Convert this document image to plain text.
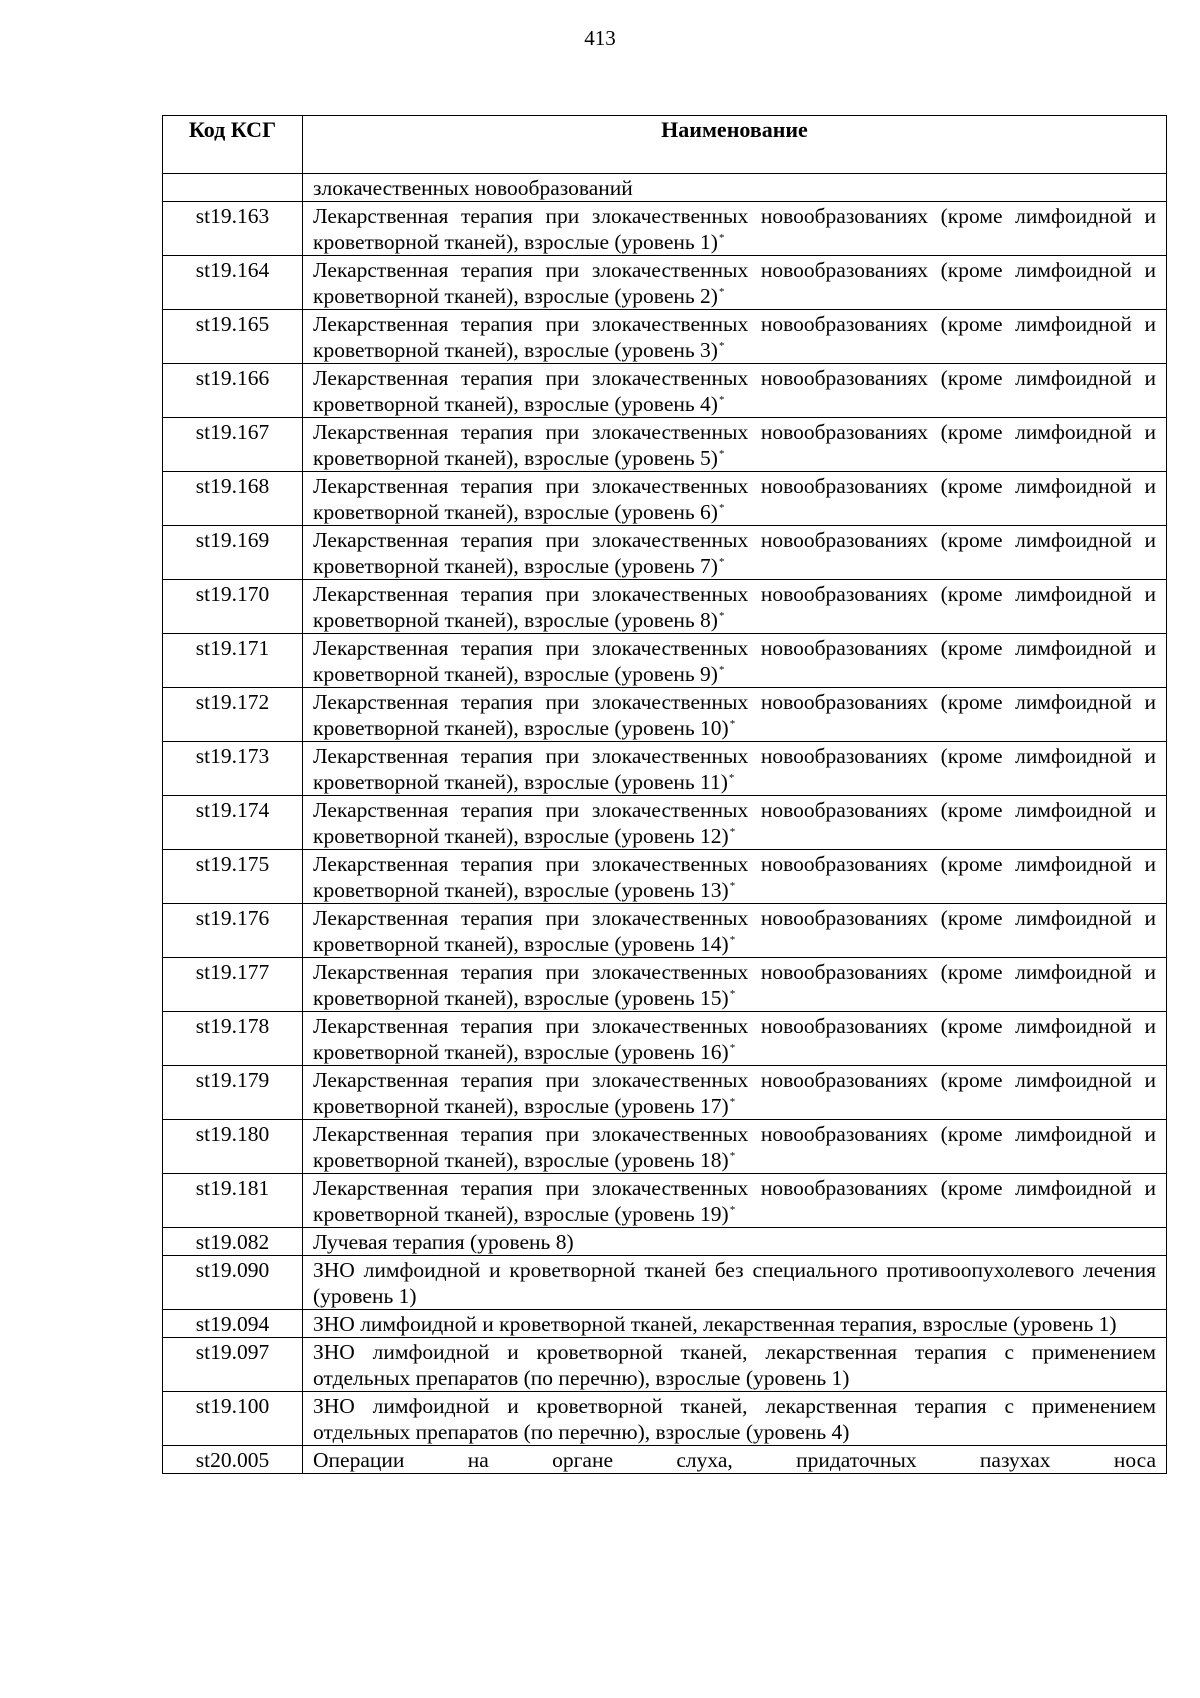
413
Код КСГ	Наименование
	злокачественных новообразований
st19.163	Лекарственная терапия при злокачественных новообразованиях (кроме лимфоидной и кроветворной тканей), взрослые (уровень 1)*
st19.164	Лекарственная терапия при злокачественных новообразованиях (кроме лимфоидной и кроветворной тканей), взрослые (уровень 2)*
st19.165	Лекарственная терапия при злокачественных новообразованиях (кроме лимфоидной и кроветворной тканей), взрослые (уровень 3)*
st19.166	Лекарственная терапия при злокачественных новообразованиях (кроме лимфоидной и кроветворной тканей), взрослые (уровень 4)*
st19.167	Лекарственная терапия при злокачественных новообразованиях (кроме лимфоидной и кроветворной тканей), взрослые (уровень 5)*
st19.168	Лекарственная терапия при злокачественных новообразованиях (кроме лимфоидной и кроветворной тканей), взрослые (уровень 6)*
st19.169	Лекарственная терапия при злокачественных новообразованиях (кроме лимфоидной и кроветворной тканей), взрослые (уровень 7)*
st19.170	Лекарственная терапия при злокачественных новообразованиях (кроме лимфоидной и кроветворной тканей), взрослые (уровень 8)*
st19.171	Лекарственная терапия при злокачественных новообразованиях (кроме лимфоидной и кроветворной тканей), взрослые (уровень 9)*
st19.172	Лекарственная терапия при злокачественных новообразованиях (кроме лимфоидной и кроветворной тканей), взрослые (уровень 10)*
st19.173	Лекарственная терапия при злокачественных новообразованиях (кроме лимфоидной и кроветворной тканей), взрослые (уровень 11)*
st19.174	Лекарственная терапия при злокачественных новообразованиях (кроме лимфоидной и кроветворной тканей), взрослые (уровень 12)*
st19.175	Лекарственная терапия при злокачественных новообразованиях (кроме лимфоидной и кроветворной тканей), взрослые (уровень 13)*
st19.176	Лекарственная терапия при злокачественных новообразованиях (кроме лимфоидной и кроветворной тканей), взрослые (уровень 14)*
st19.177	Лекарственная терапия при злокачественных новообразованиях (кроме лимфоидной и кроветворной тканей), взрослые (уровень 15)*
st19.178	Лекарственная терапия при злокачественных новообразованиях (кроме лимфоидной и кроветворной тканей), взрослые (уровень 16)*
st19.179	Лекарственная терапия при злокачественных новообразованиях (кроме лимфоидной и кроветворной тканей), взрослые (уровень 17)*
st19.180	Лекарственная терапия при злокачественных новообразованиях (кроме лимфоидной и кроветворной тканей), взрослые (уровень 18)*
st19.181	Лекарственная терапия при злокачественных новообразованиях (кроме лимфоидной и кроветворной тканей), взрослые (уровень 19)*
st19.082	Лучевая терапия (уровень 8)
st19.090	ЗНО лимфоидной и кроветворной тканей без специального противоопухолевого лечения (уровень 1)
st19.094	ЗНО лимфоидной и кроветворной тканей, лекарственная терапия, взрослые (уровень 1)
st19.097	ЗНО лимфоидной и кроветворной тканей, лекарственная терапия с применением отдельных препаратов (по перечню), взрослые (уровень 1)
st19.100	ЗНО лимфоидной и кроветворной тканей, лекарственная терапия с применением отдельных препаратов (по перечню), взрослые (уровень 4)
st20.005	Операции на органе слуха, придаточных пазухах носа
